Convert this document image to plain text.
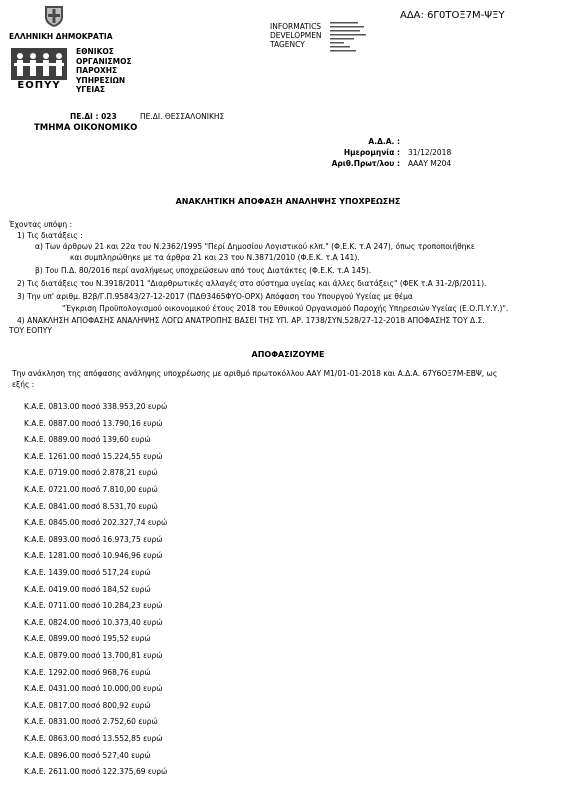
ΕΛΛΗΝΙΚΗ ΔΗΜΟΚΡΑΤΙΑ
ΕΟΠΥΥ
ΕΘΝΙΚΟΣ
ΟΡΓΑΝΙΣΜΟΣ
ΠΑΡΟΧΗΣ
ΥΠΗΡΕΣΙΩΝ
ΥΓΕΙΑΣ
INFORMATICS DEVELOPMEN TAGENCY
ΑΔΑ: 6Γ0ΤΟΞ7Μ-ΨΞΥ
ΠΕ.ΔΙ : 023	ΠΕ.ΔΙ. ΘΕΣΣΑΛΟΝΙΚΗΣ
ΤΜΗΜΑ ΟΙΚΟΝΟΜΙΚΟ
Α.Δ.Α. :
Ημερομηνία : 31/12/2018
Αριθ.Πρωτ/λου : ΑΑΑΥ Μ204
ΑΝΑΚΛΗΤΙΚΗ ΑΠΟΦΑΣΗ ΑΝΑΛΗΨΗΣ ΥΠΟΧΡΕΩΣΗΣ
Έχοντας υπόψη :
1) Τις διατάξεις :
α) Των άρθρων 21 και 22α του Ν.2362/1995 "Περί Δημοσίου Λογιστικού κλπ." (Φ.Ε.Κ. τ.Α 247), όπως τροποποιήθηκε
και συμπληρώθηκε με τα άρθρα 21 και 23 του Ν.3871/2010 (Φ.Ε.Κ. τ.Α 141).
β) Του Π.Δ. 80/2016 περί αναλήψεως υποχρεώσεων από τους Διατάκτες (Φ.Ε.Κ. τ.Α 145).
2) Τις διατάξεις του Ν.3918/2011 "Διαρθρωτικές αλλαγές στο σύστημα υγείας και άλλες διατάξεις" (ΦΕΚ τ.Α 31-2/β/2011).
3) Την υπ' αριθμ. Β2β/Γ.Π.95843/27-12-2017 (ΠΔΘ3465ΦΥΟ-ΟΡΧ) Απόφαση του Υπουργού Υγείας με θέμα
"Έγκριση Προϋπολογισμού οικονομικού έτους 2018 του Εθνικού Οργανισμού Παροχής Υπηρεσιών Υγείας (Ε.Ο.Π.Υ.Υ.)".
4) ΑΝΑΚΛΗΣΗ ΑΠΟΦΑΣΗΣ ΑΝΑΛΗΨΗΣ ΛΟΓΩ ΑΝΑΤΡΟΠΗΣ ΒΑΣΕΙ ΤΗΣ ΥΠ. ΑΡ. 1738/ΣΥΝ.528/27-12-2018 ΑΠΟΦΑΣΗΣ ΤΟΥ Δ.Σ.
ΤΟΥ ΕΟΠΥΥ
ΑΠΟΦΑΣΙΖΟΥΜΕ
Την ανάκληση της απόφασης ανάληψης υποχρέωσης με αριθμό πρωτοκόλλου ΑΑΥ Μ1/01-01-2018 και Α.Δ.Α. 67Υ6ΟΞ7Μ-ΕΒΨ, ως
εξής :
Κ.Α.Ε. 0813.00 ποσό 338.953,20 ευρώ
Κ.Α.Ε. 0887.00 ποσό 13.790,16 ευρώ
Κ.Α.Ε. 0889.00 ποσό 139,60 ευρώ
Κ.Α.Ε. 1261.00 ποσό 15.224,55 ευρώ
Κ.Α.Ε. 0719.00 ποσό 2.878,21 ευρώ
Κ.Α.Ε. 0721.00 ποσό 7.810,00 ευρώ
Κ.Α.Ε. 0841.00 ποσό 8.531,70 ευρώ
Κ.Α.Ε. 0845.00 ποσό 202.327,74 ευρώ
Κ.Α.Ε. 0893.00 ποσό 16.973,75 ευρώ
Κ.Α.Ε. 1281.00 ποσό 10.946,96 ευρώ
Κ.Α.Ε. 1439.00 ποσό 517,24 ευρώ
Κ.Α.Ε. 0419.00 ποσό 184,52 ευρώ
Κ.Α.Ε. 0711.00 ποσό 10.284,23 ευρώ
Κ.Α.Ε. 0824.00 ποσό 10.373,40 ευρώ
Κ.Α.Ε. 0899.00 ποσό 195,52 ευρώ
Κ.Α.Ε. 0879.00 ποσό 13.700,81 ευρώ
Κ.Α.Ε. 1292.00 ποσό 968,76 ευρώ
Κ.Α.Ε. 0431.00 ποσό 10.000,00 ευρώ
Κ.Α.Ε. 0817.00 ποσό 800,92 ευρώ
Κ.Α.Ε. 0831.00 ποσό 2.752,60 ευρώ
Κ.Α.Ε. 0863.00 ποσό 13.552,85 ευρώ
Κ.Α.Ε. 0896.00 ποσό 527,40 ευρώ
Κ.Α.Ε. 2611.00 ποσό 122.375,69 ευρώ
